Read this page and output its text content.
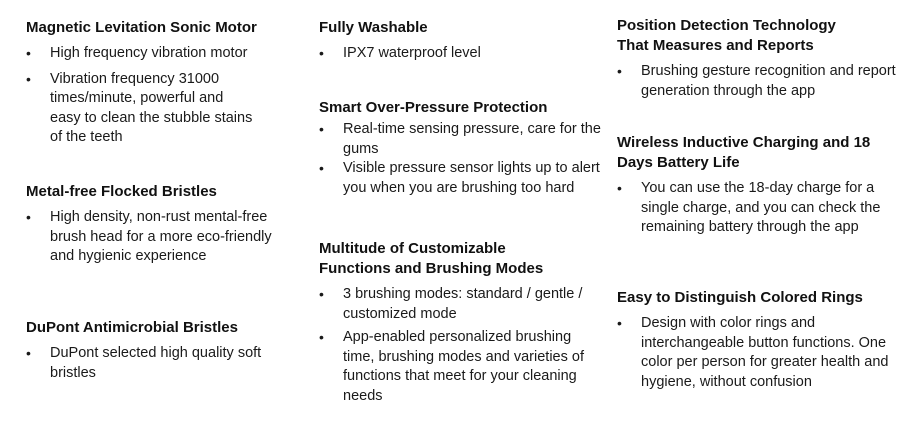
Magnetic Levitation Sonic Motor
• High frequency vibration motor
• Vibration frequency 31000 times/minute, powerful and easy to clean the stubble stains of the teeth
Metal-free Flocked Bristles
• High density, non-rust mental-free brush head for a more eco-friendly and hygienic experience
DuPont Antimicrobial Bristles
• DuPont selected high quality soft bristles
Fully Washable
• IPX7 waterproof level
Smart Over-Pressure Protection
• Real-time sensing pressure, care for the gums
• Visible pressure sensor lights up to alert you when you are brushing too hard
Multitude of Customizable Functions and Brushing Modes
• 3 brushing modes: standard / gentle / customized mode
• App-enabled personalized brushing time, brushing modes and varieties of functions that meet for your cleaning needs
Position Detection Technology That Measures and Reports
• Brushing gesture recognition and report generation through the app
Wireless Inductive Charging and 18 Days Battery Life
• You can use the 18-day charge for a single charge, and you can check the remaining battery through the app
Easy to Distinguish Colored Rings
• Design with color rings and interchangeable button functions. One color per person for greater health and hygiene, without confusion
